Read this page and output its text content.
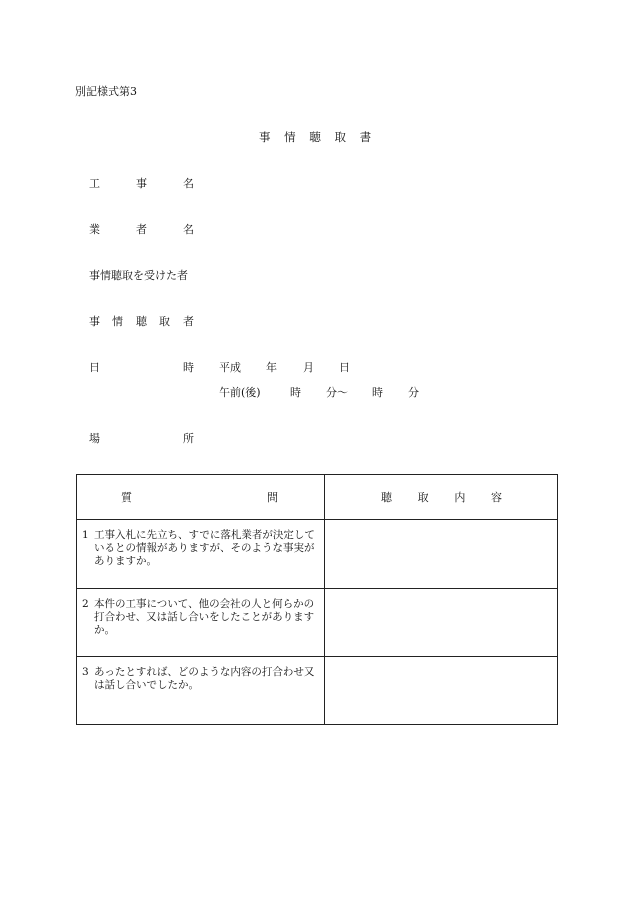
別記様式第3
事 情 聴 取 書
工	事	名
業	者	名
事情聴取を受けた者
事 情 聴 取 者
日	時 平成 年 月 日
午前(後)	時 分〜 時 分
場	所
質 問	聴 取 内 容

1 工事入札に先立ち、すでに落札業者が決定しているとの情報がありますが、そのような事実がありますか。	

2 本件の工事について、他の会社の人と何らかの打合わせ、又は話し合いをしたことがありますか。	

3 あったとすれば、どのような内容の打合わせ又は話し合いでしたか。	
